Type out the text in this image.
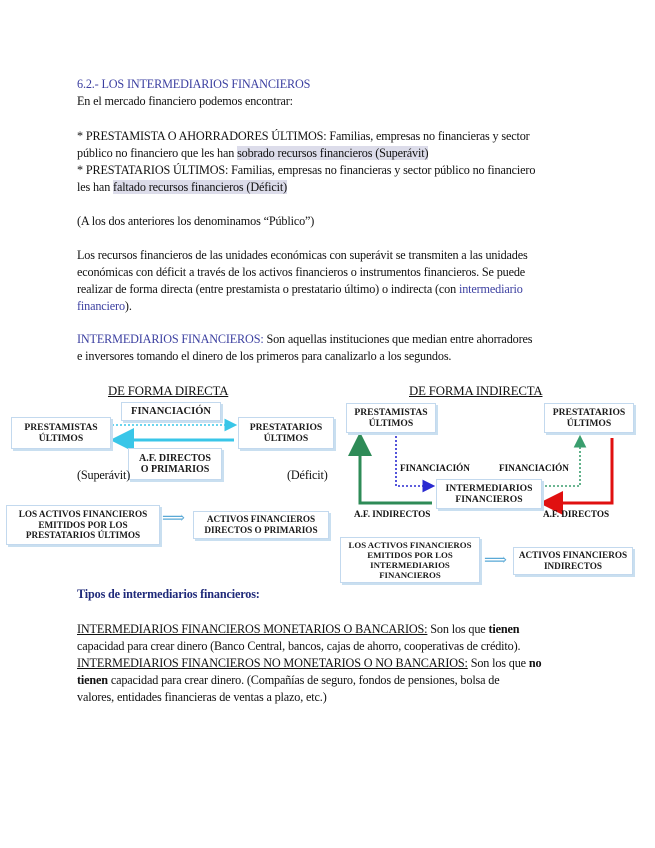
6.2.- LOS INTERMEDIARIOS FINANCIEROS
En el mercado financiero podemos encontrar:
* PRESTAMISTA O AHORRADORES ÚLTIMOS: Familias, empresas no financieras y sector
público no financiero que les han sobrado recursos financieros (Superávit)
* PRESTATARIOS ÚLTIMOS: Familias, empresas no financieras y sector público no financiero
les han faltado recursos financieros (Déficit)
(A los dos anteriores los denominamos “Público”)
Los recursos financieros de las unidades económicas con superávit se transmiten a las unidades
económicas con déficit a través de los activos financieros o instrumentos financieros. Se puede
realizar de forma directa (entre prestamista o prestatario último) o indirecta (con intermediario
financiero).
INTERMEDIARIOS FINANCIEROS: Son aquellas instituciones que median entre ahorradores
e inversores tomando el dinero de los primeros para canalizarlo a los segundos.
DE FORMA DIRECTA
FINANCIACIÓN
PRESTAMISTAS
ÚLTIMOS
PRESTATARIOS
ÚLTIMOS
A.F. DIRECTOS
O PRIMARIOS
(Superávit)	(Déficit)
LOS ACTIVOS FINANCIEROS
EMITIDOS POR LOS
PRESTATARIOS ÚLTIMOS
⟹ ACTIVOS FINANCIEROS
DIRECTOS O PRIMARIOS
DE FORMA INDIRECTA
PRESTAMISTAS
ÚLTIMOS
PRESTATARIOS
ÚLTIMOS
FINANCIACIÓN	FINANCIACIÓN
INTERMEDIARIOS
FINANCIEROS
A.F. INDIRECTOS	A.F. DIRECTOS
LOS ACTIVOS FINANCIEROS
EMITIDOS POR LOS
INTERMEDIARIOS
FINANCIEROS
⟹ ACTIVOS FINANCIEROS
INDIRECTOS
Tipos de intermediarios financieros:
INTERMEDIARIOS FINANCIEROS MONETARIOS O BANCARIOS: Son los que tienen
capacidad para crear dinero (Banco Central, bancos, cajas de ahorro, cooperativas de crédito).
INTERMEDIARIOS FINANCIEROS NO MONETARIOS O NO BANCARIOS: Son los que no
tienen capacidad para crear dinero. (Compañías de seguro, fondos de pensiones, bolsa de
valores, entidades financieras de ventas a plazo, etc.)
